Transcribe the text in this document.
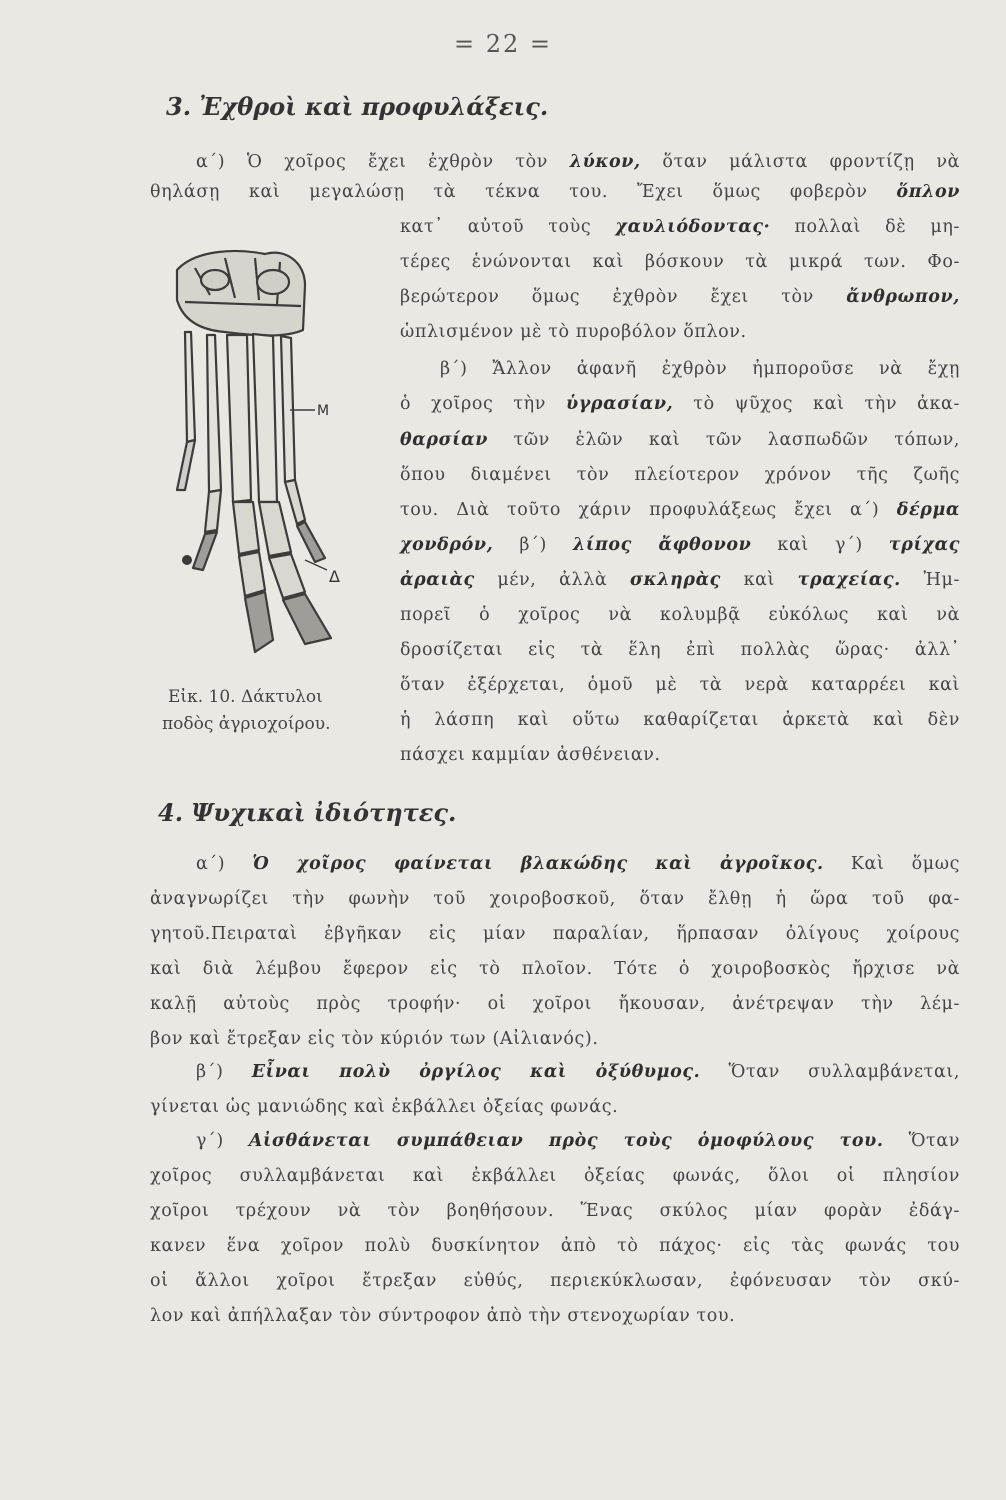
= 22 =
3. Ἐχθροὶ καὶ προφυλάξεις.
α΄) Ὁ χοῖρος ἔχει ἐχθρὸν τὸν λύκον, ὅταν μάλιστα φροντίζῃ νὰ
θηλάσῃ καὶ μεγαλώσῃ τὰ τέκνα του. Ἔχει ὅμως φοβερὸν ὅπλον
κατ᾽ αὐτοῦ τοὺς χαυλιόδοντας· πολλαὶ δὲ μη-
τέρες ἑνώνονται καὶ βόσκουν τὰ μικρά των. Φο-
βερώτερον ὅμως ἐχθρὸν ἔχει τὸν ἄνθρωπον,
ὡπλισμένον μὲ τὸ πυροβόλον ὅπλον.
β΄) Ἄλλον ἀφανῆ ἐχθρὸν ἠμποροῦσε νὰ ἔχῃ
ὁ χοῖρος τὴν ὑγρασίαν, τὸ ψῦχος καὶ τὴν ἀκα-
θαρσίαν τῶν ἑλῶν καὶ τῶν λασπωδῶν τόπων,
ὅπου διαμένει τὸν πλείοτερον χρόνον τῆς ζωῆς
του. Διὰ τοῦτο χάριν προφυλάξεως ἔχει α΄) δέρμα
χονδρόν, β΄) λίπος ἄφθονον καὶ γ΄) τρίχας
ἀραιὰς μέν, ἀλλὰ σκληρὰς καὶ τραχείας. Ἠμ-
πορεῖ ὁ χοῖρος νὰ κολυμβᾷ εὐκόλως καὶ νὰ
δροσίζεται εἰς τὰ ἕλη ἐπὶ πολλὰς ὥρας· ἀλλ᾽
ὅταν ἐξέρχεται, ὁμοῦ μὲ τὰ νερὰ καταρρέει καὶ
ἡ λάσπη καὶ οὕτω καθαρίζεται ἀρκετὰ καὶ δὲν
πάσχει καμμίαν ἀσθένειαν.
M
Δ
Εἰκ. 10. Δάκτυλοι
ποδὸς ἀγριοχοίρου.
4. Ψυχικαὶ ἰδιότητες.
α΄) Ὁ χοῖρος φαίνεται βλακώδης καὶ ἀγροῖκος. Καὶ ὅμως
ἀναγνωρίζει τὴν φωνὴν τοῦ χοιροβοσκοῦ, ὅταν ἔλθῃ ἡ ὥρα τοῦ φα-
γητοῦ.Πειραταὶ ἐβγῆκαν εἰς μίαν παραλίαν, ἥρπασαν ὀλίγους χοίρους
καὶ διὰ λέμβου ἔφερον εἰς τὸ πλοῖον. Τότε ὁ χοιροβοσκὸς ἤρχισε νὰ
καλῇ αὐτοὺς πρὸς τροφήν· οἱ χοῖροι ἤκουσαν, ἀνέτρεψαν τὴν λέμ-
βον καὶ ἔτρεξαν εἰς τὸν κύριόν των (Αἰλιανός).
β΄) Εἶναι πολὺ ὀργίλος καὶ ὀξύθυμος. Ὅταν συλλαμβάνεται,
γίνεται ὡς μανιώδης καὶ ἐκβάλλει ὀξείας φωνάς.
γ΄) Αἰσθάνεται συμπάθειαν πρὸς τοὺς ὁμοφύλους του. Ὅταν
χοῖρος συλλαμβάνεται καὶ ἐκβάλλει ὀξείας φωνάς, ὅλοι οἱ πλησίον
χοῖροι τρέχουν νὰ τὸν βοηθήσουν. Ἕνας σκύλος μίαν φορὰν ἐδάγ-
κανεν ἕνα χοῖρον πολὺ δυσκίνητον ἀπὸ τὸ πάχος· εἰς τὰς φωνάς του
οἱ ἄλλοι χοῖροι ἔτρεξαν εὐθύς, περιεκύκλωσαν, ἐφόνευσαν τὸν σκύ-
λον καὶ ἀπήλλαξαν τὸν σύντροφον ἀπὸ τὴν στενοχωρίαν του.
